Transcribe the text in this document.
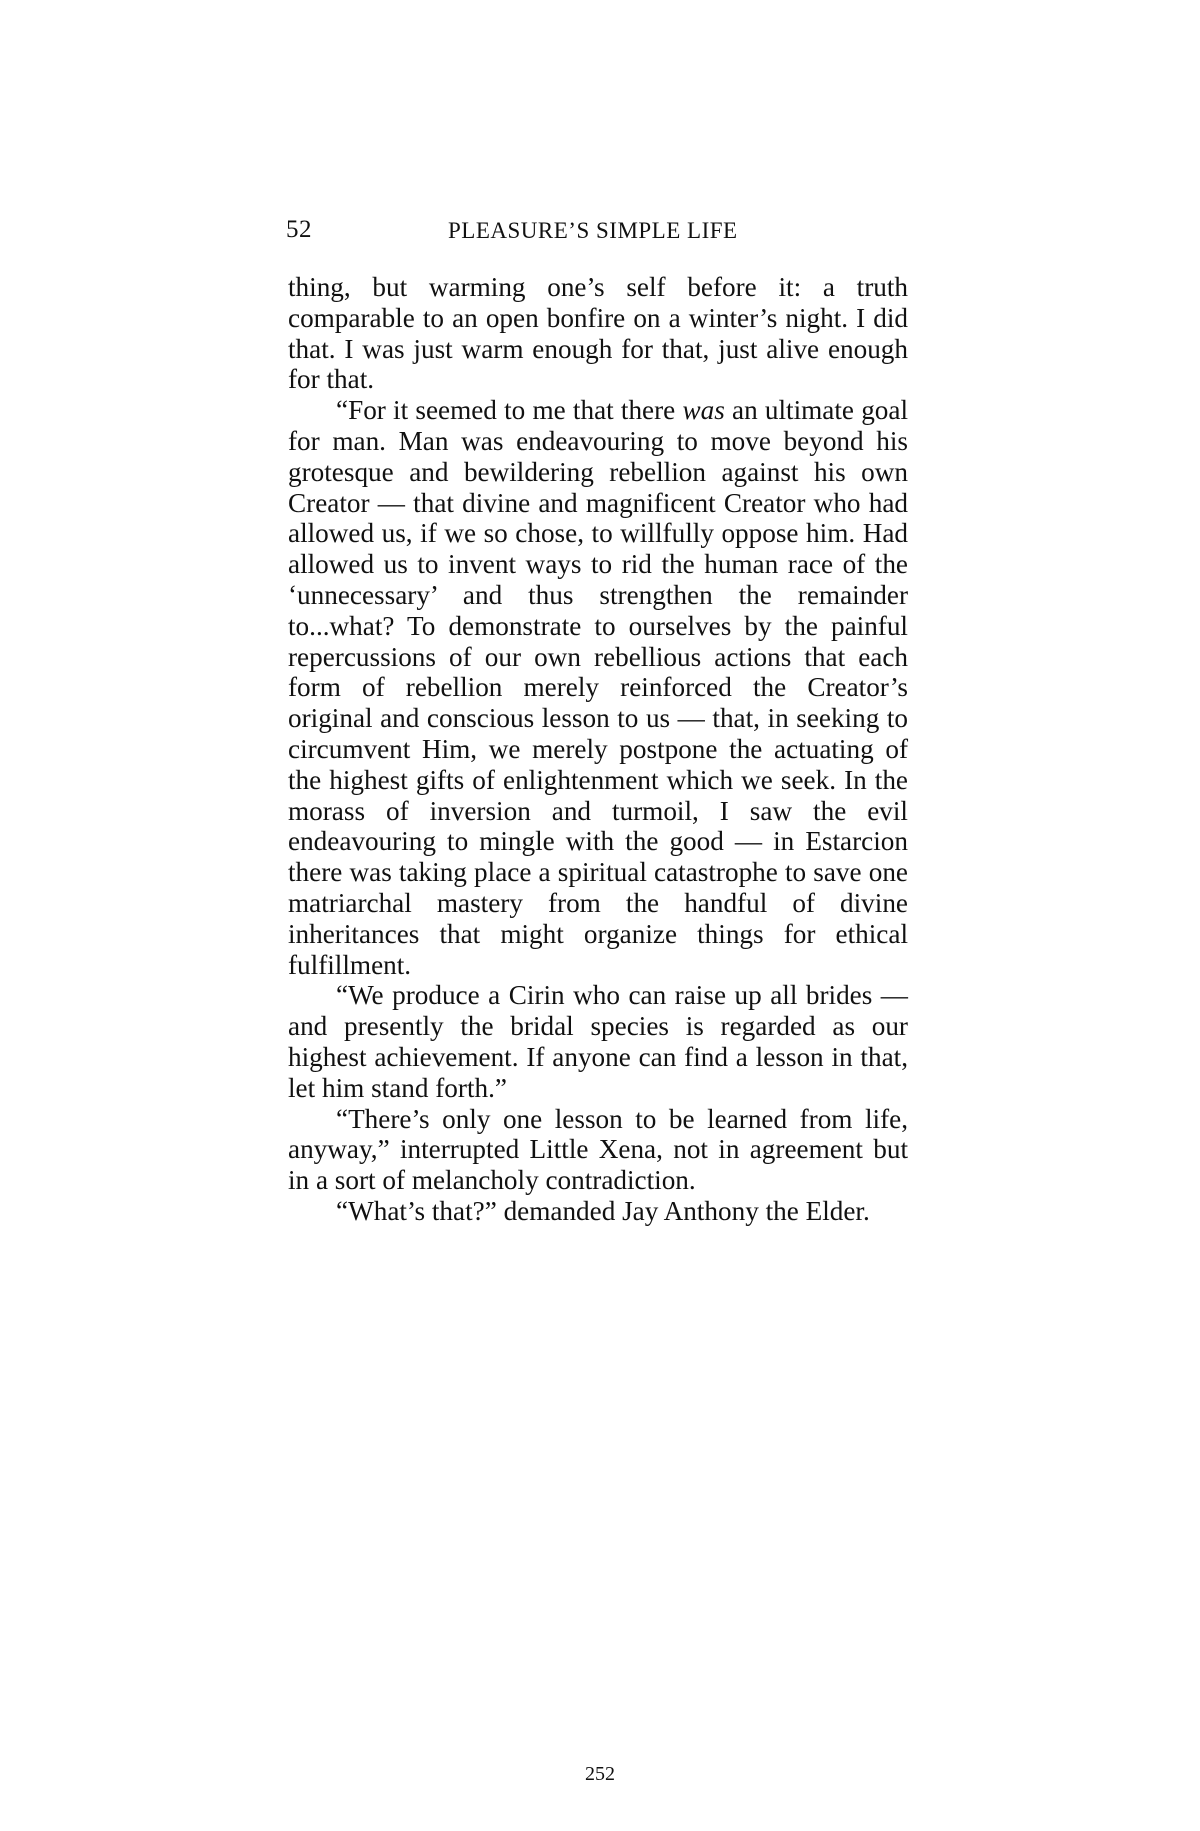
52	PLEASURE’S SIMPLE LIFE

thing, but warming one’s self before it: a truth comparable to an open bonfire on a winter’s night. I did that. I was just warm enough for that, just alive enough for that.

“For it seemed to me that there was an ultimate goal for man. Man was endeavouring to move beyond his grotesque and bewildering rebellion against his own Creator — that divine and magnificent Creator who had allowed us, if we so chose, to willfully oppose him. Had allowed us to invent ways to rid the human race of the ‘unnecessary’ and thus strengthen the remainder to...what? To demonstrate to ourselves by the painful repercussions of our own rebellious actions that each form of rebellion merely reinforced the Creator’s original and conscious lesson to us — that, in seeking to circumvent Him, we merely postpone the actuating of the highest gifts of enlightenment which we seek. In the morass of inversion and turmoil, I saw the evil endeavouring to mingle with the good — in Estarcion there was taking place a spiritual catastrophe to save one matriarchal mastery from the handful of divine inheritances that might organize things for ethical fulfillment.

“We produce a Cirin who can raise up all brides — and presently the bridal species is regarded as our highest achievement. If anyone can find a lesson in that, let him stand forth.”

“There’s only one lesson to be learned from life, anyway,” interrupted Little Xena, not in agreement but in a sort of melancholy contradiction.

“What’s that?” demanded Jay Anthony the Elder.

252
